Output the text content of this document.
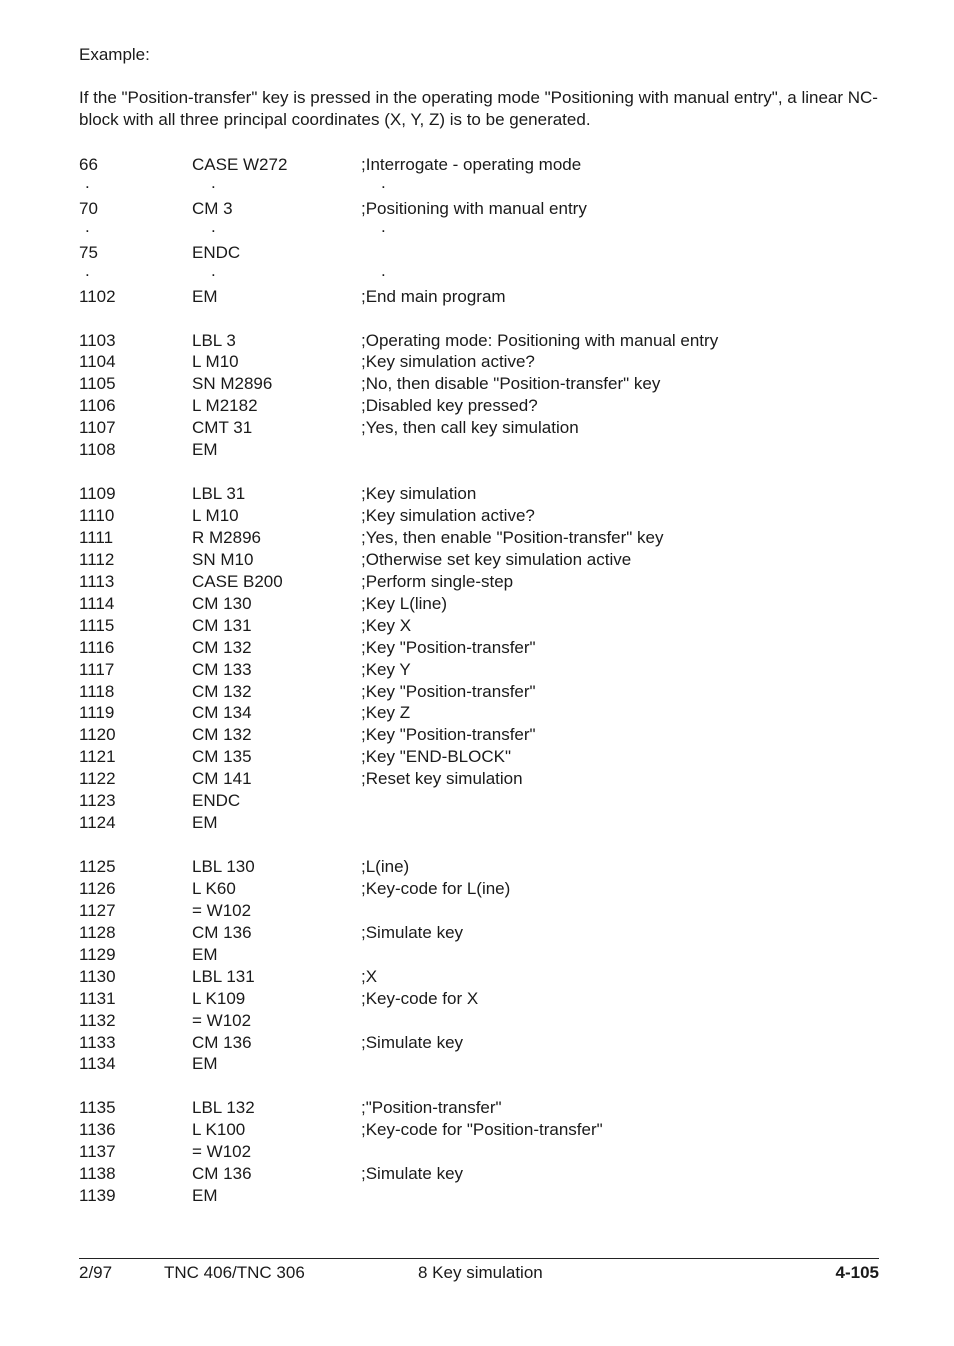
Example:

If the "Position-transfer" key is pressed in the operating mode "Positioning with manual entry", a linear NC-block with all three principal coordinates (X, Y, Z) is to be generated.

66	CASE W272	;Interrogate - operating mode
.	.	.
70	CM 3	;Positioning with manual entry
.	.	.
75	ENDC
.	.	.
1102	EM	;End main program
1103	LBL 3	;Operating mode: Positioning with manual entry
1104	L M10	;Key simulation active?
1105	SN M2896	;No, then disable "Position-transfer" key
1106	L M2182	;Disabled key pressed?
1107	CMT 31	;Yes, then call key simulation
1108	EM
1109	LBL 31	;Key simulation
1110	L M10	;Key simulation active?
1111	R M2896	;Yes, then enable "Position-transfer" key
1112	SN M10	;Otherwise set key simulation active
1113	CASE B200	;Perform single-step
1114	CM 130	;Key L(line)
1115	CM 131	;Key X
1116	CM 132	;Key "Position-transfer"
1117	CM 133	;Key Y
1118	CM 132	;Key "Position-transfer"
1119	CM 134	;Key Z
1120	CM 132	;Key "Position-transfer"
1121	CM 135	;Key "END-BLOCK"
1122	CM 141	;Reset key simulation
1123	ENDC
1124	EM
1125	LBL 130	;L(ine)
1126	L K60	;Key-code for L(ine)
1127	= W102
1128	CM 136	;Simulate key
1129	EM
1130	LBL 131	;X
1131	L K109	;Key-code for X
1132	= W102
1133	CM 136	;Simulate key
1134	EM
1135	LBL 132	;"Position-transfer"
1136	L K100	;Key-code for "Position-transfer"
1137	= W102
1138	CM 136	;Simulate key
1139	EM
2/97	TNC 406/TNC 306	8 Key simulation	4-105
